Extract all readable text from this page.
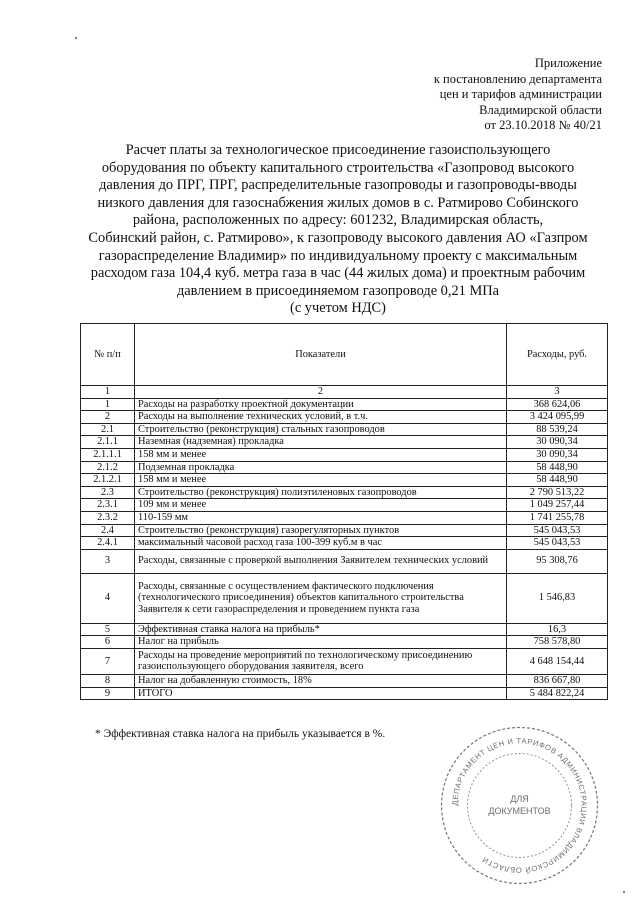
Приложение
к постановлению департамента
цен и тарифов администрации
Владимирской области
от 23.10.2018 № 40/21
Расчет платы за технологическое присоединение газоиспользующего
оборудования по объекту капитального строительства «Газопровод высокого
давления до ПРГ, ПРГ, распределительные газопроводы и газопроводы-вводы
низкого давления для газоснабжения жилых домов в с. Ратмирово Собинского
района, расположенных по адресу: 601232, Владимирская область,
Собинский район, с. Ратмирово», к газопроводу высокого давления АО «Газпром
газораспределение Владимир» по индивидуальному проекту с максимальным
расходом газа 104,4 куб. метра газа в час (44 жилых дома) и проектным рабочим
давлением в присоединяемом газопроводе 0,21 МПа
(с учетом НДС)
№ п/п	Показатели	Расходы, руб.
1	2	3
1	Расходы на разработку проектной документации	368 624,06
2	Расходы на выполнение технических условий, в т.ч.	3 424 095,99
2.1	Строительство (реконструкция) стальных газопроводов	88 539,24
2.1.1	Наземная (надземная) прокладка	30 090,34
2.1.1.1	158 мм и менее	30 090,34
2.1.2	Подземная прокладка	58 448,90
2.1.2.1	158 мм и менее	58 448,90
2.3	Строительство (реконструкция) полиэтиленовых газопроводов	2 790 513,22
2.3.1	109 мм и менее	1 049 257,44
2.3.2	110-159 мм	1 741 255,78
2.4	Строительство (реконструкция) газорегуляторных пунктов	545 043,53
2.4.1	максимальный часовой расход газа 100-399 куб.м в час	545 043,53
3	Расходы, связанные с проверкой выполнения Заявителем технических условий	95 308,76
4	Расходы, связанные с осуществлением фактического подключения (технологического присоединения) объектов капитального строительства Заявителя к сети газораспределения и проведением пункта газа	1 546,83
5	Эффективная ставка налога на прибыль*	16,3
6	Налог на прибыль	758 578,80
7	Расходы на проведение мероприятий по технологическому присоединению газоиспользующего оборудования заявителя, всего	4 648 154,44
8	Налог на добавленную стоимость, 18%	836 667,80
9	ИТОГО	5 484 822,24
* Эффективная ставка налога на прибыль указывается в %.
ДЕПАРТАМЕНТ ЦЕН И ТАРИФОВ АДМИНИСТРАЦИИ ВЛАДИМИРСКОЙ ОБЛАСТИ
ДЛЯ
ДОКУМЕНТОВ
